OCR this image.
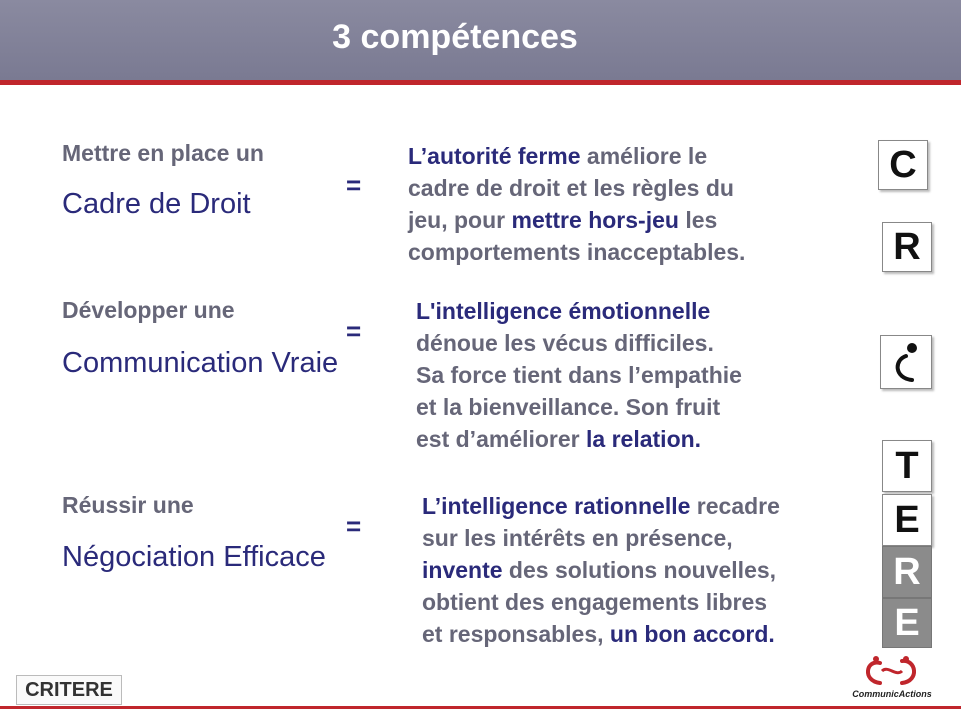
3 compétences
Mettre en place un
Cadre de Droit
=
L’autorité ferme améliore le
cadre de droit et les règles du
jeu, pour mettre hors-jeu les
comportements inacceptables.
Développer une
Communication Vraie
=
L'intelligence émotionnelle
dénoue les vécus difficiles.
Sa force tient dans l’empathie
et la bienveillance. Son fruit
est d’améliorer la relation.
Réussir une
Négociation Efficace
=
L’intelligence rationnelle recadre
sur les intérêts en présence,
invente des solutions nouvelles,
obtient des engagements libres
et responsables, un bon accord.
C
R
T
E
R
E
CRITERE	CommunicActions
